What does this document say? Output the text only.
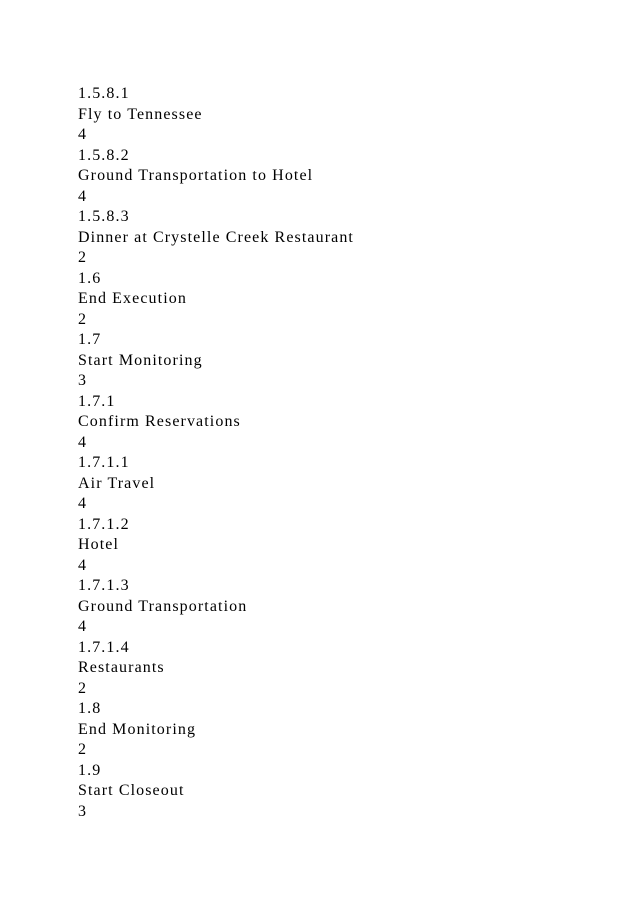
1.5.8.1
Fly to Tennessee
4
1.5.8.2
Ground Transportation to Hotel
4
1.5.8.3
Dinner at Crystelle Creek Restaurant
2
1.6
End Execution
2
1.7
Start Monitoring
3
1.7.1
Confirm Reservations
4
1.7.1.1
Air Travel
4
1.7.1.2
Hotel
4
1.7.1.3
Ground Transportation
4
1.7.1.4
Restaurants
2
1.8
End Monitoring
2
1.9
Start Closeout
3
